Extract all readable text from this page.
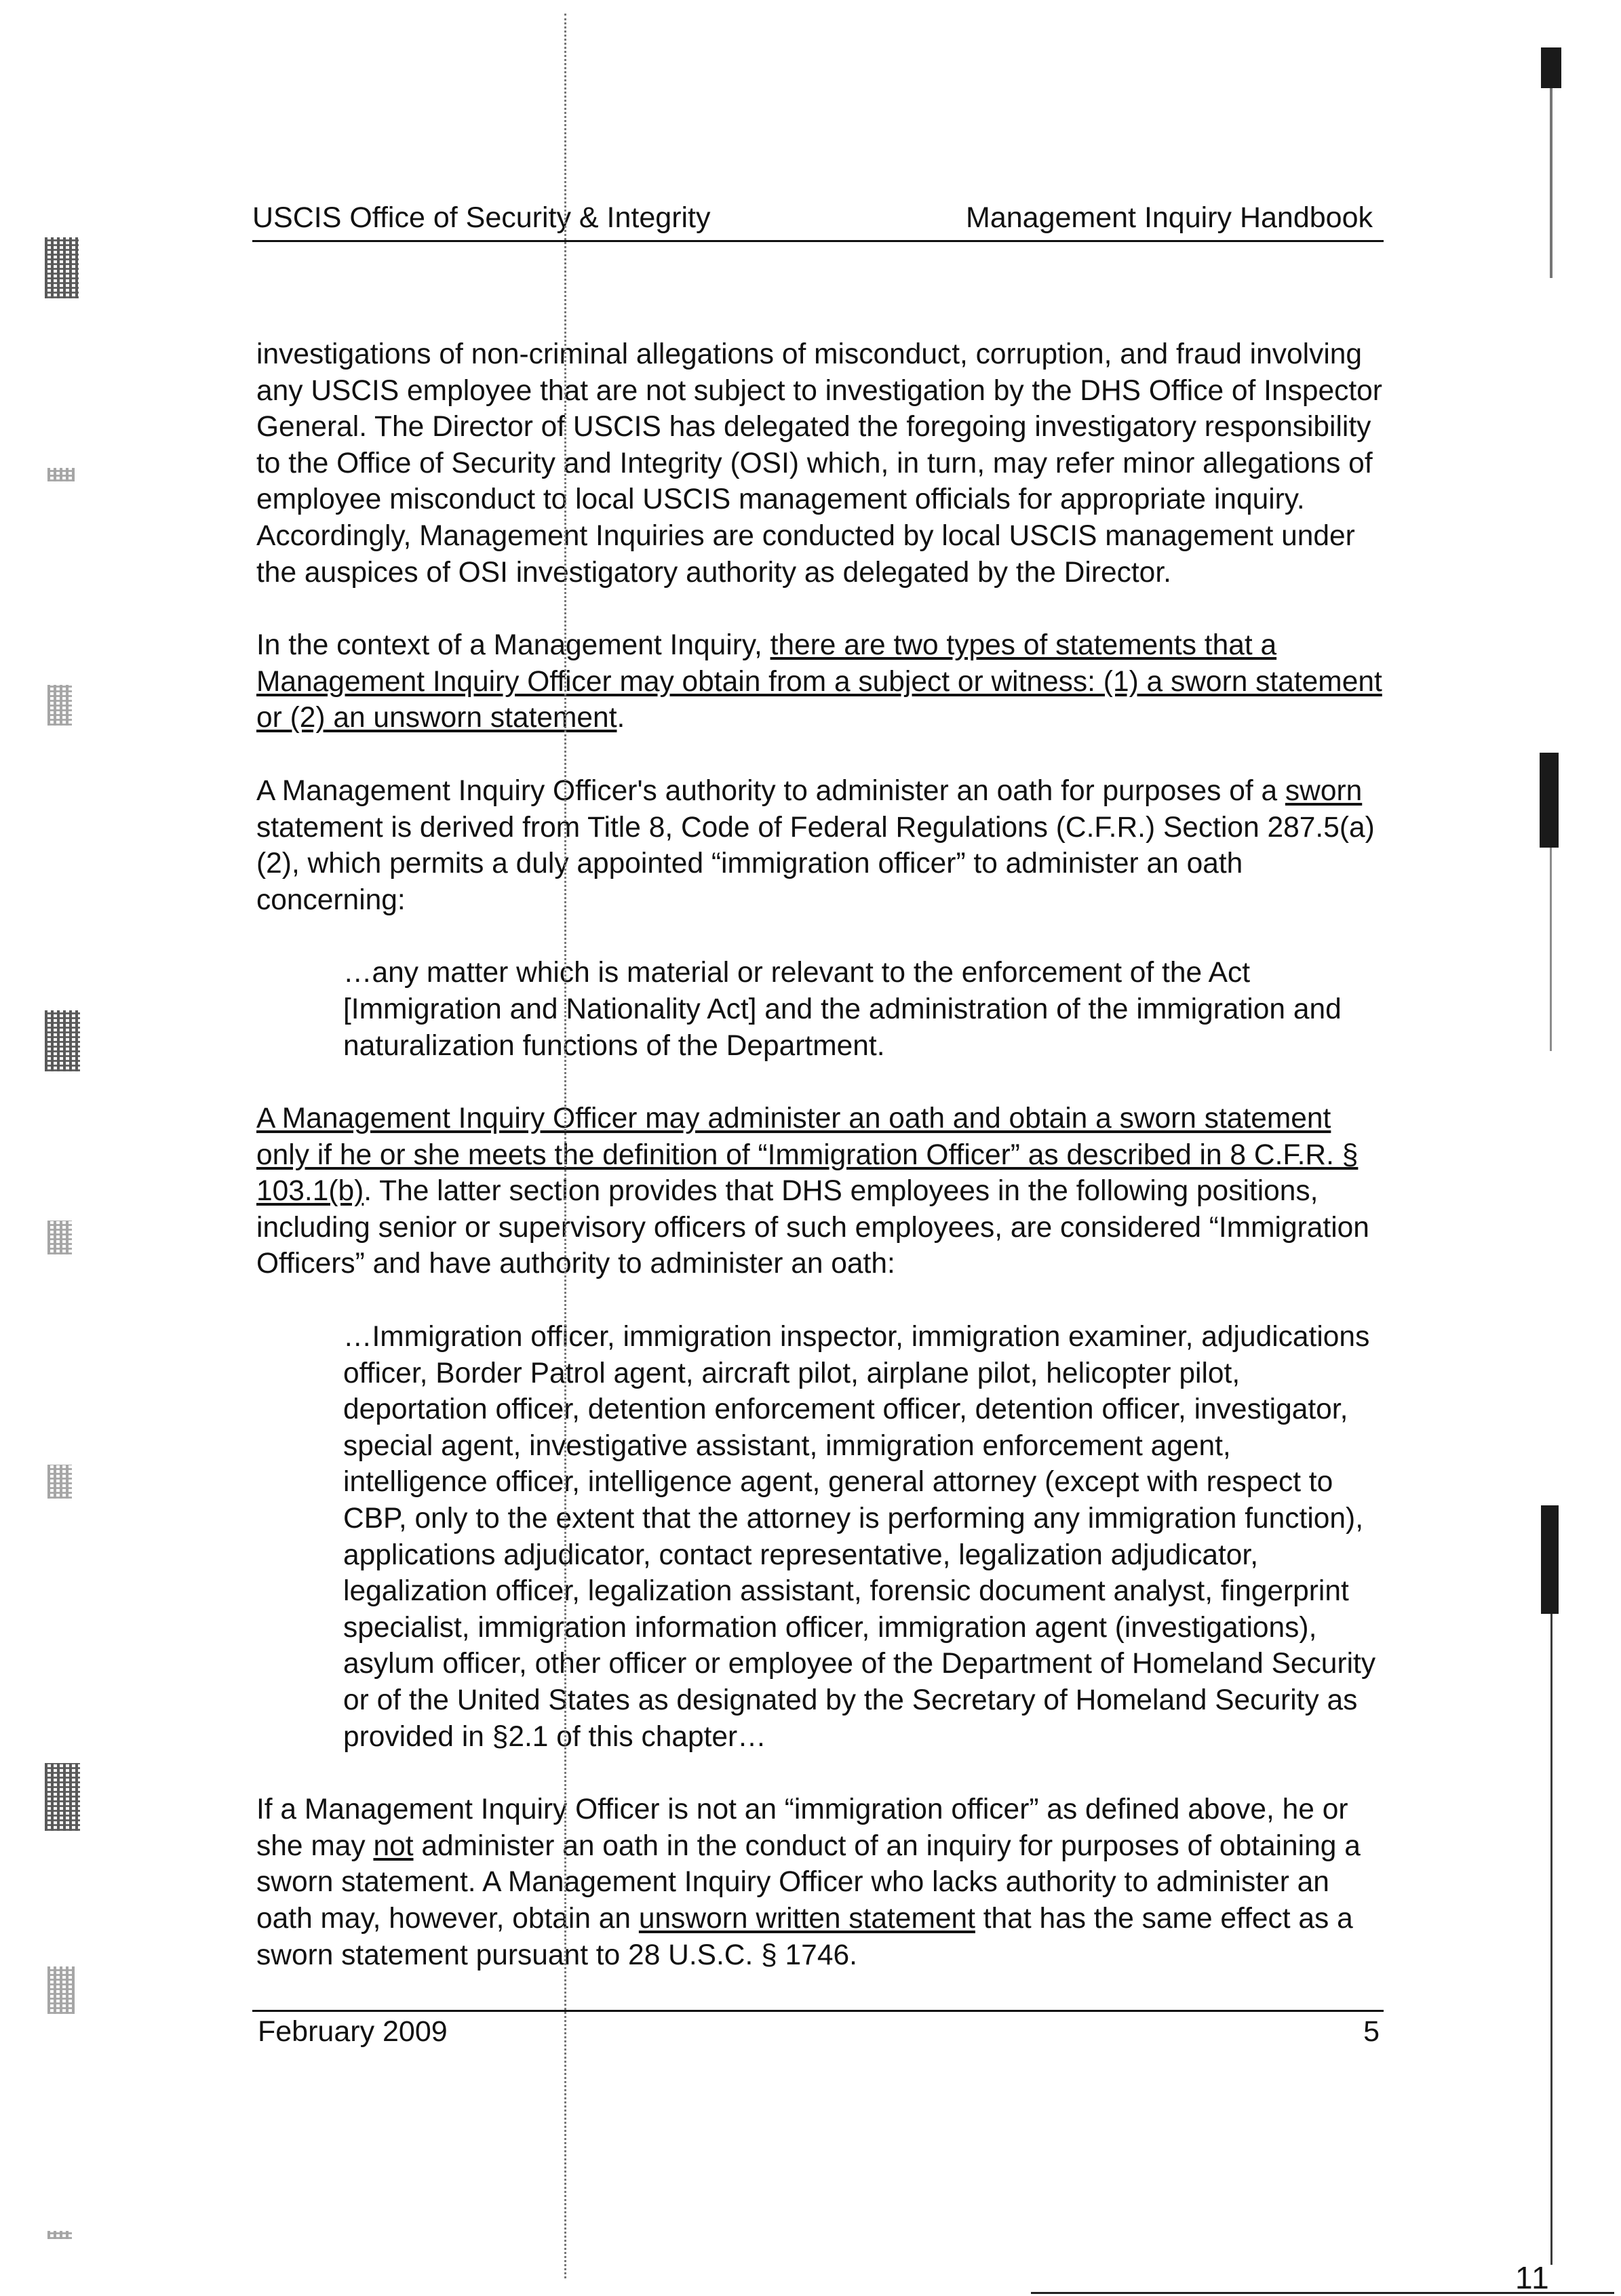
USCIS Office of Security & Integrity	Management Inquiry Handbook

investigations of non-criminal allegations of misconduct, corruption, and fraud involving any USCIS employee that are not subject to investigation by the DHS Office of Inspector General. The Director of USCIS has delegated the foregoing investigatory responsibility to the Office of Security and Integrity (OSI) which, in turn, may refer minor allegations of employee misconduct to local USCIS management officials for appropriate inquiry. Accordingly, Management Inquiries are conducted by local USCIS management under the auspices of OSI investigatory authority as delegated by the Director.

In the context of a Management Inquiry, there are two types of statements that a Management Inquiry Officer may obtain from a subject or witness: (1) a sworn statement or (2) an unsworn statement.

A Management Inquiry Officer's authority to administer an oath for purposes of a sworn statement is derived from Title 8, Code of Federal Regulations (C.F.R.) Section 287.5(a)(2), which permits a duly appointed “immigration officer” to administer an oath concerning:

…any matter which is material or relevant to the enforcement of the Act [Immigration and Nationality Act] and the administration of the immigration and naturalization functions of the Department.

A Management Inquiry Officer may administer an oath and obtain a sworn statement only if he or she meets the definition of “Immigration Officer” as described in 8 C.F.R. § 103.1(b). The latter section provides that DHS employees in the following positions, including senior or supervisory officers of such employees, are considered “Immigration Officers” and have authority to administer an oath:

…Immigration officer, immigration inspector, immigration examiner, adjudications officer, Border Patrol agent, aircraft pilot, airplane pilot, helicopter pilot, deportation officer, detention enforcement officer, detention officer, investigator, special agent, investigative assistant, immigration enforcement agent, intelligence officer, intelligence agent, general attorney (except with respect to CBP, only to the extent that the attorney is performing any immigration function), applications adjudicator, contact representative, legalization adjudicator, legalization officer, legalization assistant, forensic document analyst, fingerprint specialist, immigration information officer, immigration agent (investigations), asylum officer, other officer or employee of the Department of Homeland Security or of the United States as designated by the Secretary of Homeland Security as provided in §2.1 of this chapter…

If a Management Inquiry Officer is not an “immigration officer” as defined above, he or she may not administer an oath in the conduct of an inquiry for purposes of obtaining a sworn statement. A Management Inquiry Officer who lacks authority to administer an oath may, however, obtain an unsworn written statement that has the same effect as a sworn statement pursuant to 28 U.S.C. § 1746.

February 2009	5
11
